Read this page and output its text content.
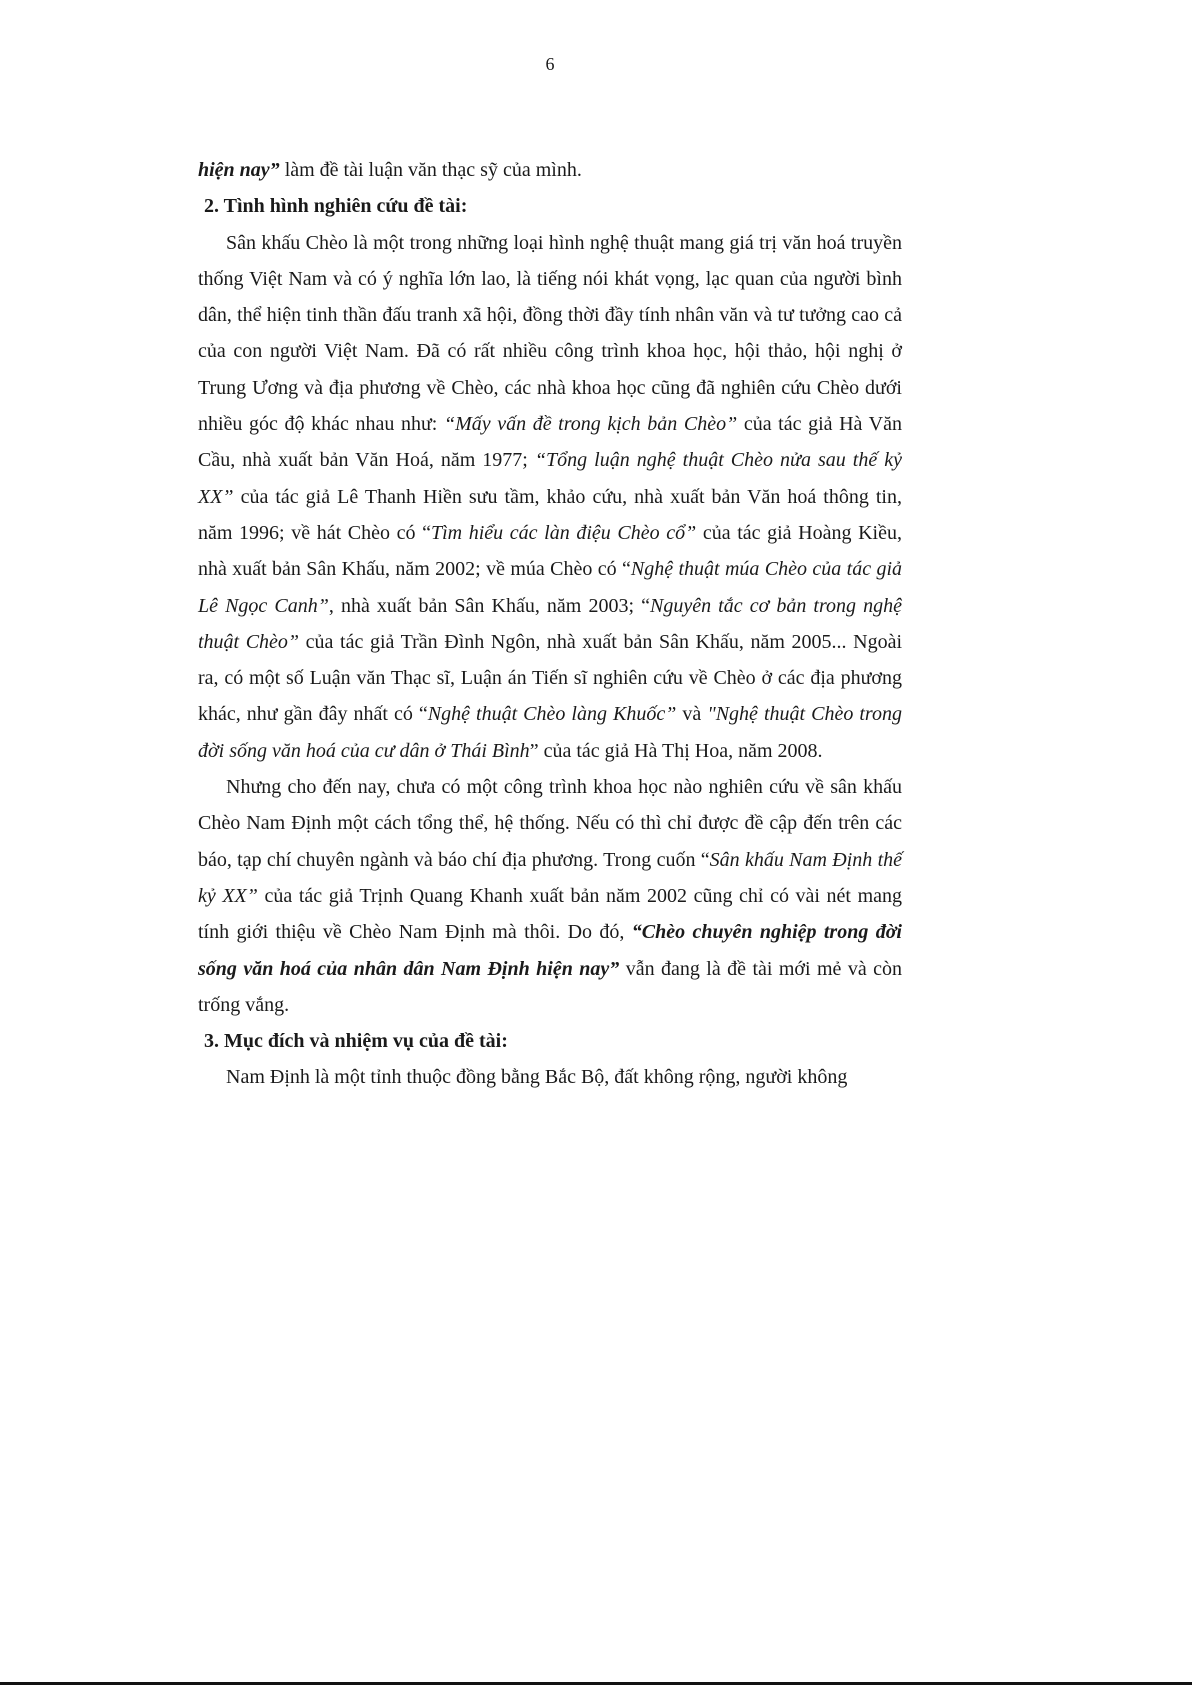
6

hiện nay” làm đề tài luận văn thạc sỹ của mình.

2. Tình hình nghiên cứu đề tài:

Sân khấu Chèo là một trong những loại hình nghệ thuật mang giá trị văn hoá truyền thống Việt Nam và có ý nghĩa lớn lao, là tiếng nói khát vọng, lạc quan của người bình dân, thể hiện tinh thần đấu tranh xã hội, đồng thời đầy tính nhân văn và tư tưởng cao cả của con người Việt Nam. Đã có rất nhiều công trình khoa học, hội thảo, hội nghị ở Trung Ương và địa phương về Chèo, các nhà khoa học cũng đã nghiên cứu Chèo dưới nhiều góc độ khác nhau như: “Mấy vấn đề trong kịch bản Chèo” của tác giả Hà Văn Cầu, nhà xuất bản Văn Hoá, năm 1977; “Tổng luận nghệ thuật Chèo nửa sau thế kỷ XX” của tác giả Lê Thanh Hiền sưu tầm, khảo cứu, nhà xuất bản Văn hoá thông tin, năm 1996; về hát Chèo có “Tìm hiểu các làn điệu Chèo cổ” của tác giả Hoàng Kiều, nhà xuất bản Sân Khấu, năm 2002; về múa Chèo có “Nghệ thuật múa Chèo của tác giả Lê Ngọc Canh”, nhà xuất bản Sân Khấu, năm 2003; “Nguyên tắc cơ bản trong nghệ thuật Chèo” của tác giả Trần Đình Ngôn, nhà xuất bản Sân Khấu, năm 2005... Ngoài ra, có một số Luận văn Thạc sĩ, Luận án Tiến sĩ nghiên cứu về Chèo ở các địa phương khác, như gần đây nhất có “Nghệ thuật Chèo làng Khuốc” và "Nghệ thuật Chèo trong đời sống văn hoá của cư dân ở Thái Bình” của tác giả Hà Thị Hoa, năm 2008.

Nhưng cho đến nay, chưa có một công trình khoa học nào nghiên cứu về sân khấu Chèo Nam Định một cách tổng thể, hệ thống. Nếu có thì chỉ được đề cập đến trên các báo, tạp chí chuyên ngành và báo chí địa phương. Trong cuốn “Sân khấu Nam Định thế kỷ XX” của tác giả Trịnh Quang Khanh xuất bản năm 2002 cũng chỉ có vài nét mang tính giới thiệu về Chèo Nam Định mà thôi. Do đó, “Chèo chuyên nghiệp trong đời sống văn hoá của nhân dân Nam Định hiện nay” vẫn đang là đề tài mới mẻ và còn trống vắng.

3. Mục đích và nhiệm vụ của đề tài:

Nam Định là một tỉnh thuộc đồng bằng Bắc Bộ, đất không rộng, người không
